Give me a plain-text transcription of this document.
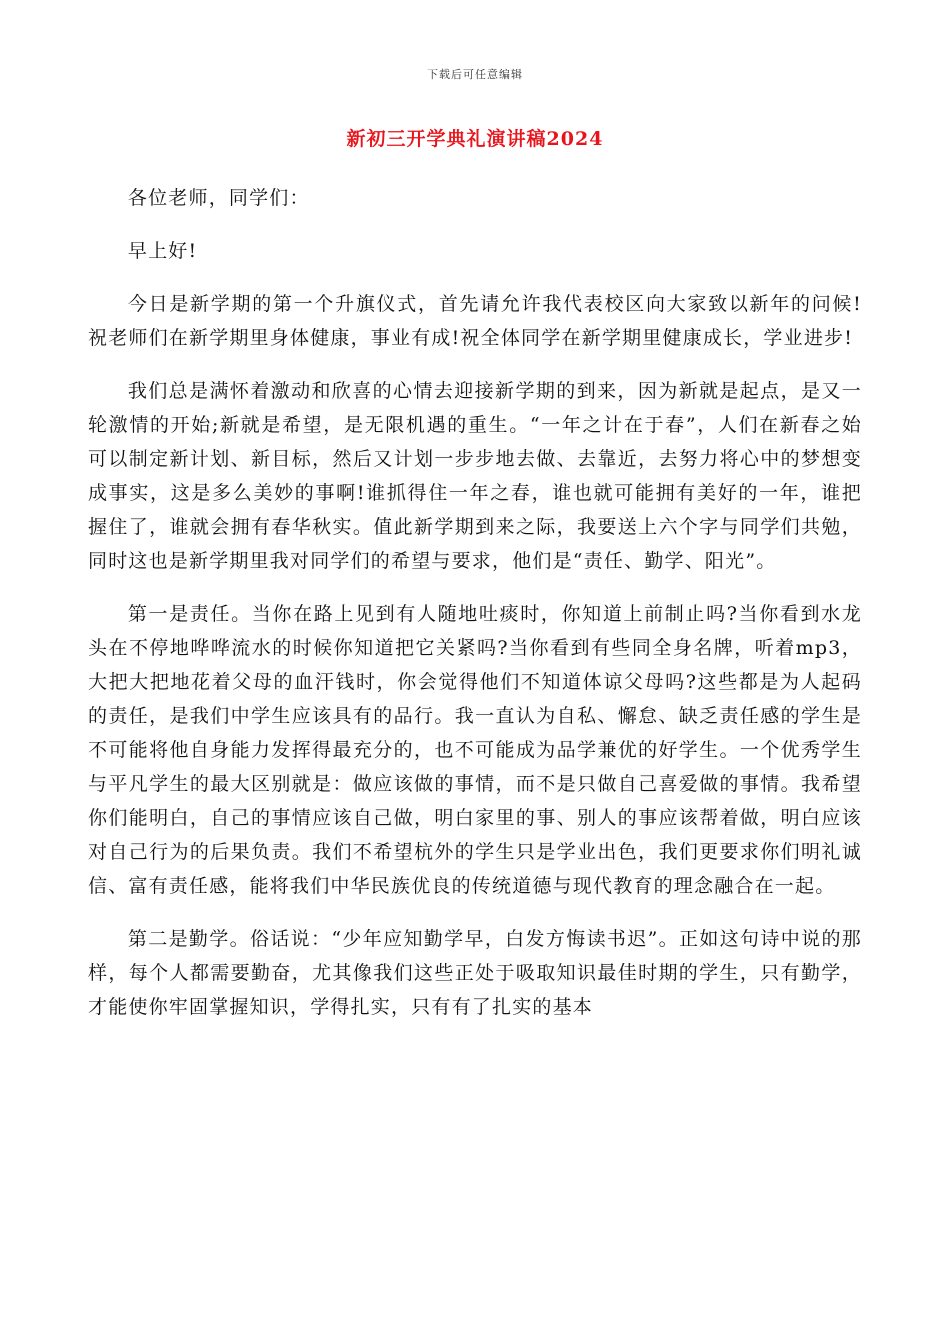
下载后可任意编辑
新初三开学典礼演讲稿2024

各位老师，同学们：

早上好!

今日是新学期的第一个升旗仪式，首先请允许我代表校区向大家致以新年的问候!祝老师们在新学期里身体健康，事业有成!祝全体同学在新学期里健康成长，学业进步!

我们总是满怀着激动和欣喜的心情去迎接新学期的到来，因为新就是起点，是又一轮激情的开始;新就是希望，是无限机遇的重生。“一年之计在于春”，人们在新春之始可以制定新计划、新目标，然后又计划一步步地去做、去靠近，去努力将心中的梦想变成事实，这是多么美妙的事啊!谁抓得住一年之春，谁也就可能拥有美好的一年，谁把握住了，谁就会拥有春华秋实。值此新学期到来之际，我要送上六个字与同学们共勉，同时这也是新学期里我对同学们的希望与要求，他们是“责任、勤学、阳光”。

第一是责任。当你在路上见到有人随地吐痰时，你知道上前制止吗?当你看到水龙头在不停地哗哗流水的时候你知道把它关紧吗?当你看到有些同全身名牌，听着mp3，大把大把地花着父母的血汗钱时，你会觉得他们不知道体谅父母吗?这些都是为人起码的责任，是我们中学生应该具有的品行。我一直认为自私、懈怠、缺乏责任感的学生是不可能将他自身能力发挥得最充分的，也不可能成为品学兼优的好学生。一个优秀学生与平凡学生的最大区别就是：做应该做的事情，而不是只做自己喜爱做的事情。我希望你们能明白，自己的事情应该自己做，明白家里的事、别人的事应该帮着做，明白应该对自己行为的后果负责。我们不希望杭外的学生只是学业出色，我们更要求你们明礼诚信、富有责任感，能将我们中华民族优良的传统道德与现代教育的理念融合在一起。

第二是勤学。俗话说：“少年应知勤学早，白发方悔读书迟”。正如这句诗中说的那样，每个人都需要勤奋，尤其像我们这些正处于吸取知识最佳时期的学生，只有勤学，才能使你牢固掌握知识，学得扎实，只有有了扎实的基本
